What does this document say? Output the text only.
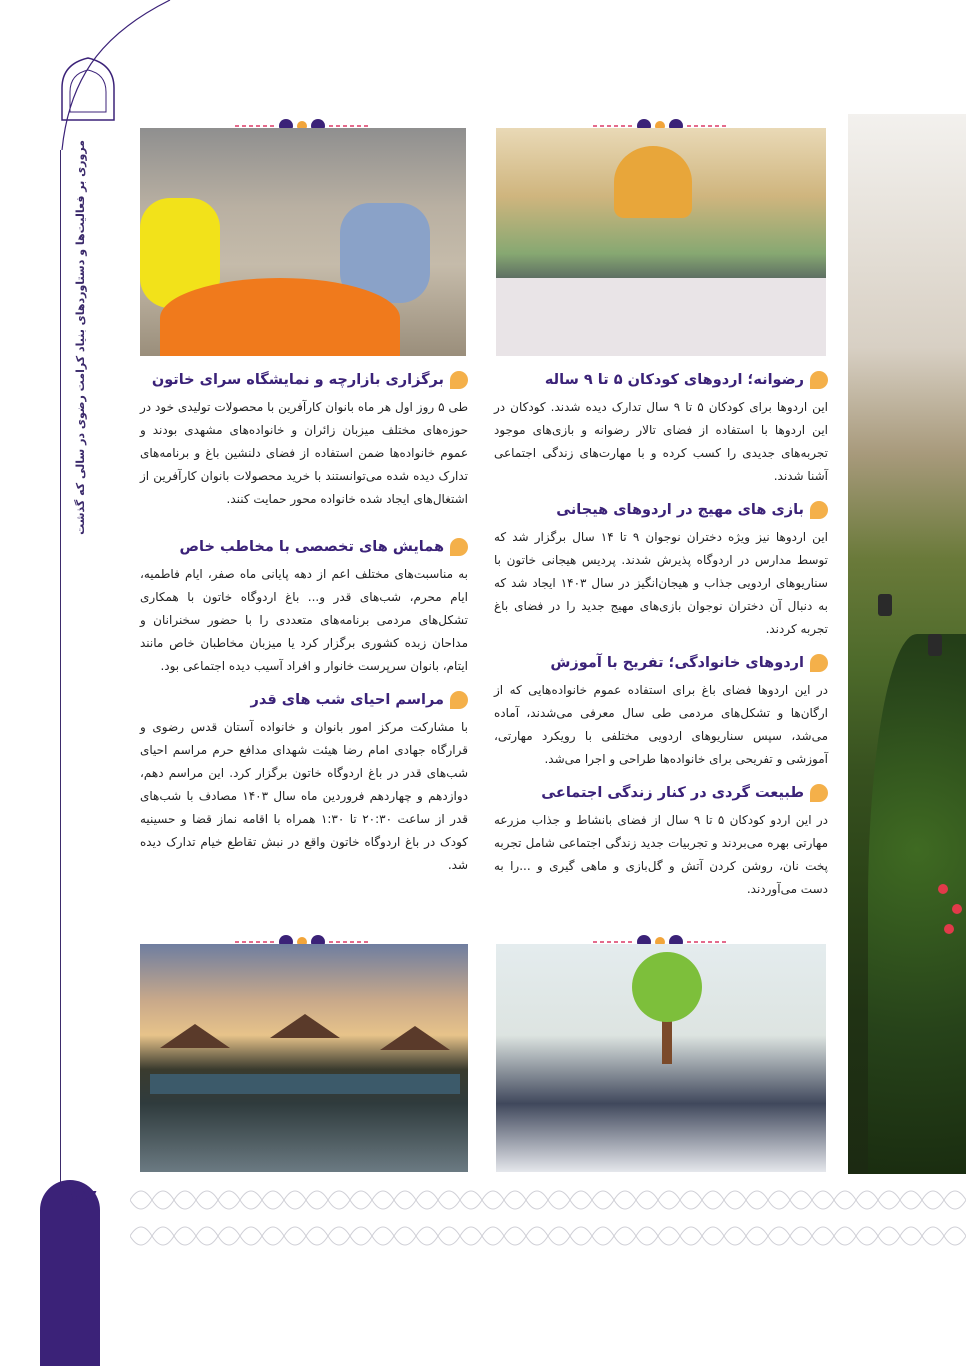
مروری بر فعالیت‌ها و دستاوردهای بنیاد کرامت رضوی در سالی که گذشت	رضوانه؛ اردوهای کودکان ۵ تا ۹ ساله

این اردوها برای کودکان ۵ تا ۹ سال تدارک دیده شدند. کودکان در این اردوها با استفاده از فضای تالار رضوانه و بازی‌های موجود تجربه‌های جدیدی را کسب کرده و با مهارت‌های زندگی اجتماعی آشنا شدند.

بازی های مهیج در اردوهای هیجانی

این اردوها نیز ویژه دختران نوجوان ۹ تا ۱۴ سال برگزار شد که توسط مدارس در اردوگاه پذیرش شدند. پردیس هیجانی خاتون با سناریوهای اردویی جذاب و هیجان‌انگیز در سال ۱۴۰۳ ایجاد شد که به دنبال آن دختران نوجوان بازی‌های مهیج جدید را در فضای باغ تجربه کردند.

اردوهای خانوادگی؛ تفریح با آموزش

در این اردوها فضای باغ برای استفاده عموم خانواده‌هایی که از ارگان‌ها و تشکل‌های مردمی طی سال معرفی می‌شدند، آماده می‌شد، سپس سناریوهای اردویی مختلفی با رویکرد مهارتی، آموزشی و تفریحی برای خانواده‌ها طراحی و اجرا می‌شد.

طبیعت گردی در کنار زندگی اجتماعی

در این اردو کودکان ۵ تا ۹ سال از فضای بانشاط و جذاب مزرعه مهارتی بهره می‌بردند و تجربیات جدید زندگی اجتماعی شامل تجربه پخت نان، روشن کردن آتش و گل‌بازی و ماهی گیری و ...را به دست می‌آوردند.

برگزاری بازارچه و نمایشگاه سرای خاتون

طی ۵ روز اول هر ماه بانوان کارآفرین با محصولات تولیدی خود در حوزه‌های مختلف میزبان زائران و خانواده‌های مشهدی بودند و عموم خانواده‌ها ضمن استفاده از فضای دلنشین باغ و برنامه‌های تدارک دیده شده می‌توانستند با خرید محصولات بانوان کارآفرین از اشتغال‌های ایجاد شده خانواده محور حمایت کنند.

همایش های تخصصی با مخاطب خاص

به مناسبت‌های مختلف اعم از دهه پایانی ماه صفر، ایام فاطمیه، ایام محرم، شب‌های قدر و... باغ اردوگاه خاتون با همکاری تشکل‌های مردمی برنامه‌های متعددی را با حضور سخنرانان و مداحان زبده کشوری برگزار کرد یا میزبان مخاطبان خاص مانند ایتام، بانوان سرپرست خانوار و افراد آسیب دیده اجتماعی بود.

مراسم احیای شب های قدر

با مشارکت مرکز امور بانوان و خانواده آستان قدس رضوی و قرارگاه جهادی امام رضا هیئت شهدای مدافع حرم مراسم احیای شب‌های قدر در باغ اردوگاه خاتون برگزار کرد. این مراسم دهم، دوازدهم و چهاردهم فروردین ماه سال ۱۴۰۳ مصادف با شب‌های قدر از ساعت ۲۰:۳۰ تا ۱:۳۰ همراه با اقامه نماز قضا و حسینیه کودک در باغ اردوگاه خاتون واقع در نبش تقاطع خیام تدارک دیده شد.

۳۷
